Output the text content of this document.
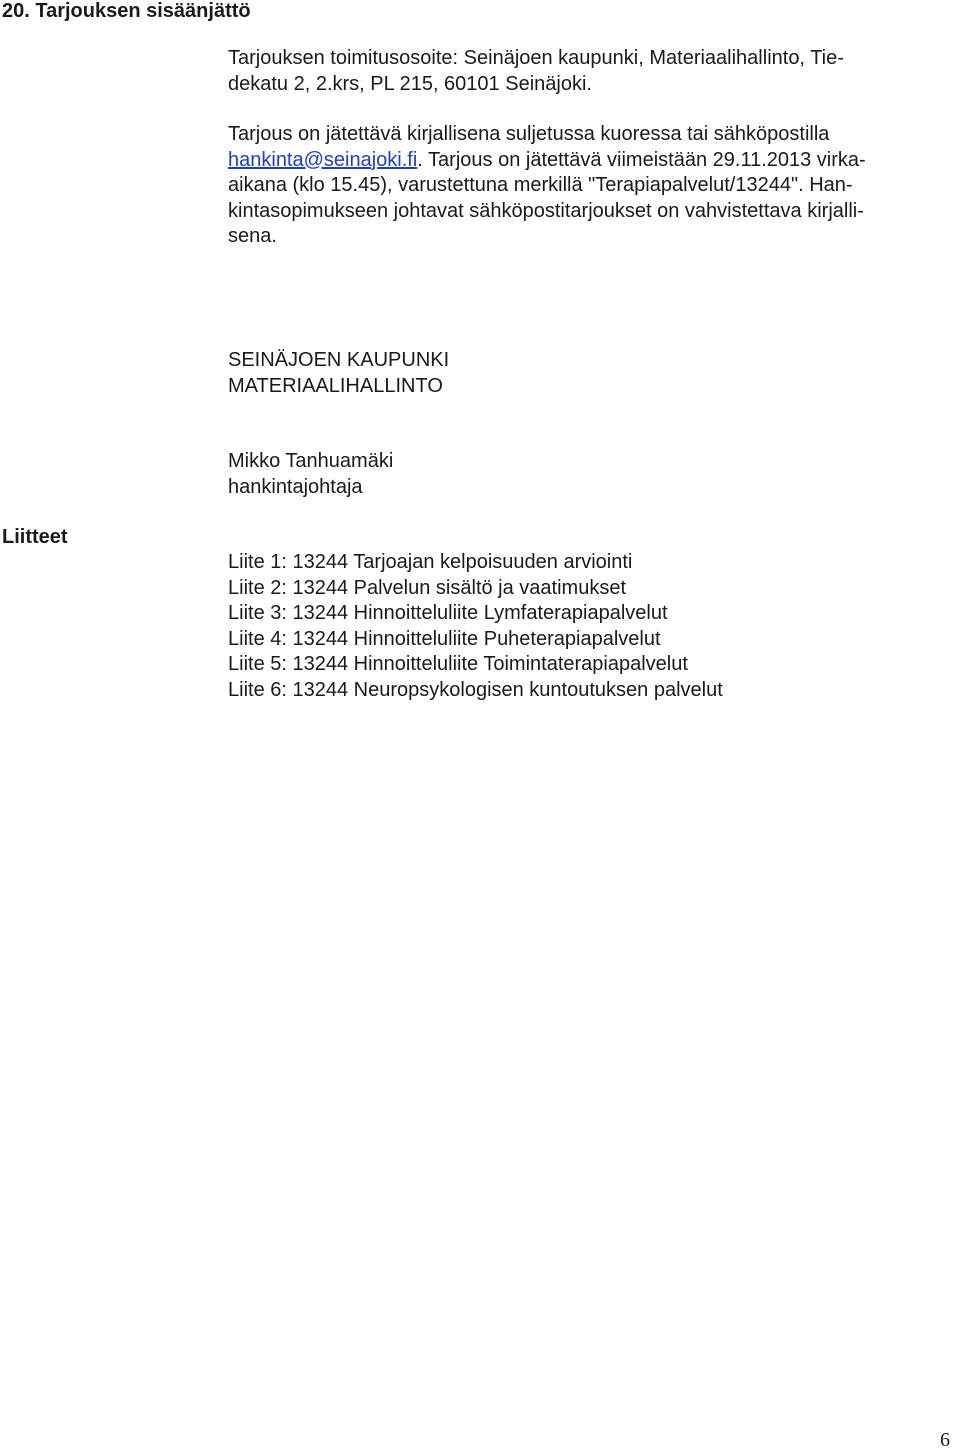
20. Tarjouksen sisäänjättö
Tarjouksen toimitusosoite: Seinäjoen kaupunki, Materiaalihallinto, Tie-
dekatu 2, 2.krs, PL 215, 60101 Seinäjoki.
Tarjous on jätettävä kirjallisena suljetussa kuoressa tai sähköpostilla
hankinta@seinajoki.fi. Tarjous on jätettävä viimeistään 29.11.2013 virka-
aikana (klo 15.45), varustettuna merkillä "Terapiapalvelut/13244". Han-
kintasopimukseen johtavat sähköpostitarjoukset on vahvistettava kirjalli-
sena.
SEINÄJOEN KAUPUNKI
MATERIAALIHALLINTO
Mikko Tanhuamäki
hankintajohtaja
Liitteet
Liite 1: 13244 Tarjoajan kelpoisuuden arviointi
Liite 2: 13244 Palvelun sisältö ja vaatimukset
Liite 3: 13244 Hinnoitteluliite Lymfaterapiapalvelut
Liite 4: 13244 Hinnoitteluliite Puheterapiapalvelut
Liite 5: 13244 Hinnoitteluliite Toimintaterapiapalvelut
Liite 6: 13244 Neuropsykologisen kuntoutuksen palvelut
6
